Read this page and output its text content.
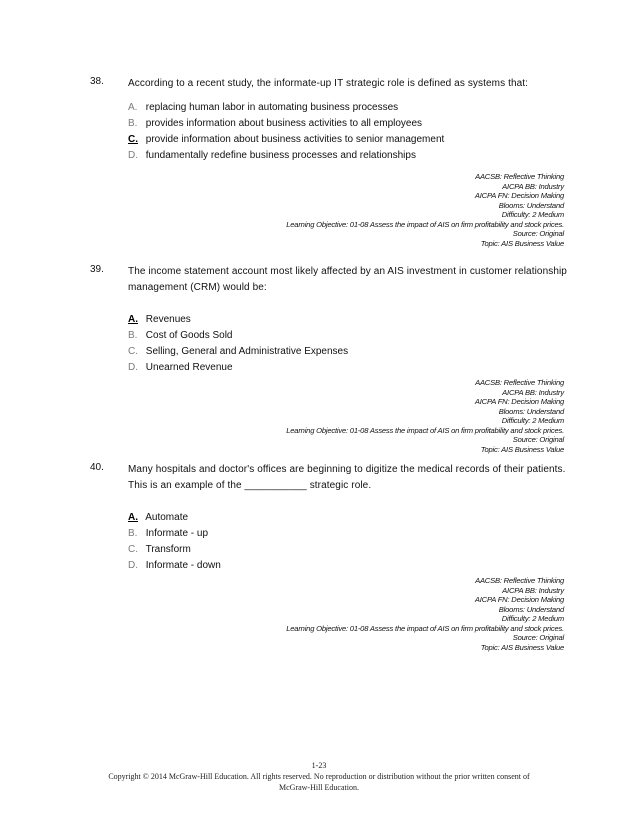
38. According to a recent study, the informate-up IT strategic role is defined as systems that:
A. replacing human labor in automating business processes
B. provides information about business activities to all employees
C. provide information about business activities to senior management
D. fundamentally redefine business processes and relationships
AACSB: Reflective Thinking
AICPA BB: Industry
AICPA FN: Decision Making
Blooms: Understand
Difficulty: 2 Medium
Learning Objective: 01-08 Assess the impact of AIS on firm profitability and stock prices.
Source: Original
Topic: AIS Business Value
39. The income statement account most likely affected by an AIS investment in customer relationship management (CRM) would be:
A. Revenues
B. Cost of Goods Sold
C. Selling, General and Administrative Expenses
D. Unearned Revenue
AACSB: Reflective Thinking
AICPA BB: Industry
AICPA FN: Decision Making
Blooms: Understand
Difficulty: 2 Medium
Learning Objective: 01-08 Assess the impact of AIS on firm profitability and stock prices.
Source: Original
Topic: AIS Business Value
40. Many hospitals and doctor's offices are beginning to digitize the medical records of their patients. This is an example of the ___________ strategic role.
A. Automate
B. Informate - up
C. Transform
D. Informate - down
AACSB: Reflective Thinking
AICPA BB: Industry
AICPA FN: Decision Making
Blooms: Understand
Difficulty: 2 Medium
Learning Objective: 01-08 Assess the impact of AIS on firm profitability and stock prices.
Source: Original
Topic: AIS Business Value
1-23
Copyright © 2014 McGraw-Hill Education. All rights reserved. No reproduction or distribution without the prior written consent of
McGraw-Hill Education.
